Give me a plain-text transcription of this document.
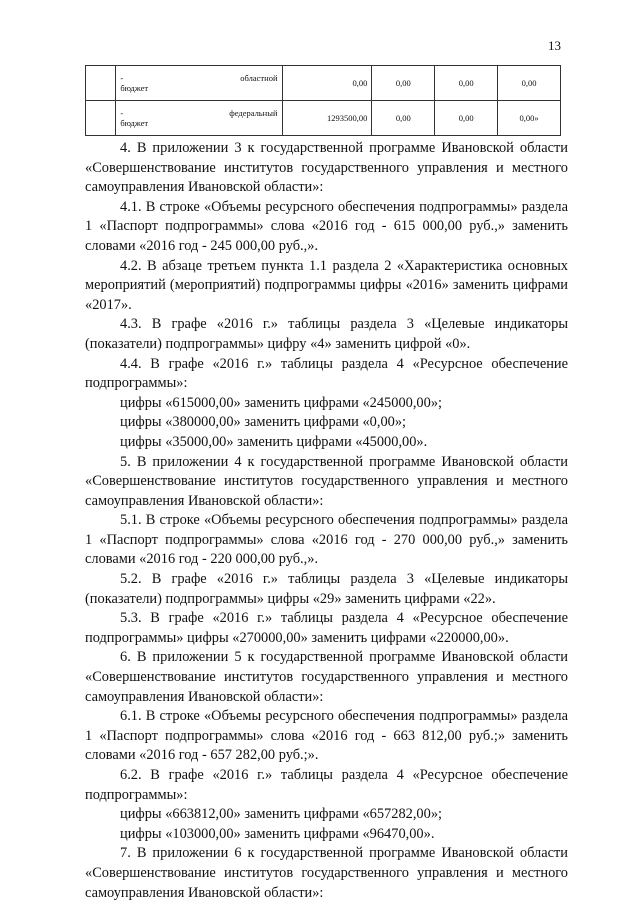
13

	- областной
бюджет	0,00	0,00	0,00	0,00

	- федеральный
бюджет	1293500,00	0,00	0,00	0,00»

4. В приложении 3 к государственной программе Ивановской области «Совершенствование институтов государственного управления и местного самоуправления Ивановской области»:

4.1. В строке «Объемы ресурсного обеспечения подпрограммы» раздела 1 «Паспорт подпрограммы» слова «2016 год - 615 000,00 руб.,» заменить словами «2016 год - 245 000,00 руб.,».

4.2. В абзаце третьем пункта 1.1 раздела 2 «Характеристика основных мероприятий (мероприятий) подпрограммы цифры «2016» заменить цифрами «2017».

4.3. В графе «2016 г.» таблицы раздела 3 «Целевые индикаторы (показатели) подпрограммы» цифру «4» заменить цифрой «0».

4.4. В графе «2016 г.» таблицы раздела 4 «Ресурсное обеспечение подпрограммы»:

цифры «615000,00» заменить цифрами «245000,00»;

цифры «380000,00» заменить цифрами «0,00»;

цифры «35000,00» заменить цифрами «45000,00».

5. В приложении 4 к государственной программе Ивановской области «Совершенствование институтов государственного управления и местного самоуправления Ивановской области»:

5.1. В строке «Объемы ресурсного обеспечения подпрограммы» раздела 1 «Паспорт подпрограммы» слова «2016 год - 270 000,00 руб.,» заменить словами «2016 год - 220 000,00 руб.,».

5.2. В графе «2016 г.» таблицы раздела 3 «Целевые индикаторы (показатели) подпрограммы» цифры «29» заменить цифрами «22».

5.3. В графе «2016 г.» таблицы раздела 4 «Ресурсное обеспечение подпрограммы» цифры «270000,00» заменить цифрами «220000,00».

6. В приложении 5 к государственной программе Ивановской области «Совершенствование институтов государственного управления и местного самоуправления Ивановской области»:

6.1. В строке «Объемы ресурсного обеспечения подпрограммы» раздела 1 «Паспорт подпрограммы» слова «2016 год - 663 812,00 руб.;» заменить словами «2016 год - 657 282,00 руб.;».

6.2. В графе «2016 г.» таблицы раздела 4 «Ресурсное обеспечение подпрограммы»:

цифры «663812,00» заменить цифрами «657282,00»;

цифры «103000,00» заменить цифрами «96470,00».

7. В приложении 6 к государственной программе Ивановской области «Совершенствование институтов государственного управления и местного самоуправления Ивановской области»:
